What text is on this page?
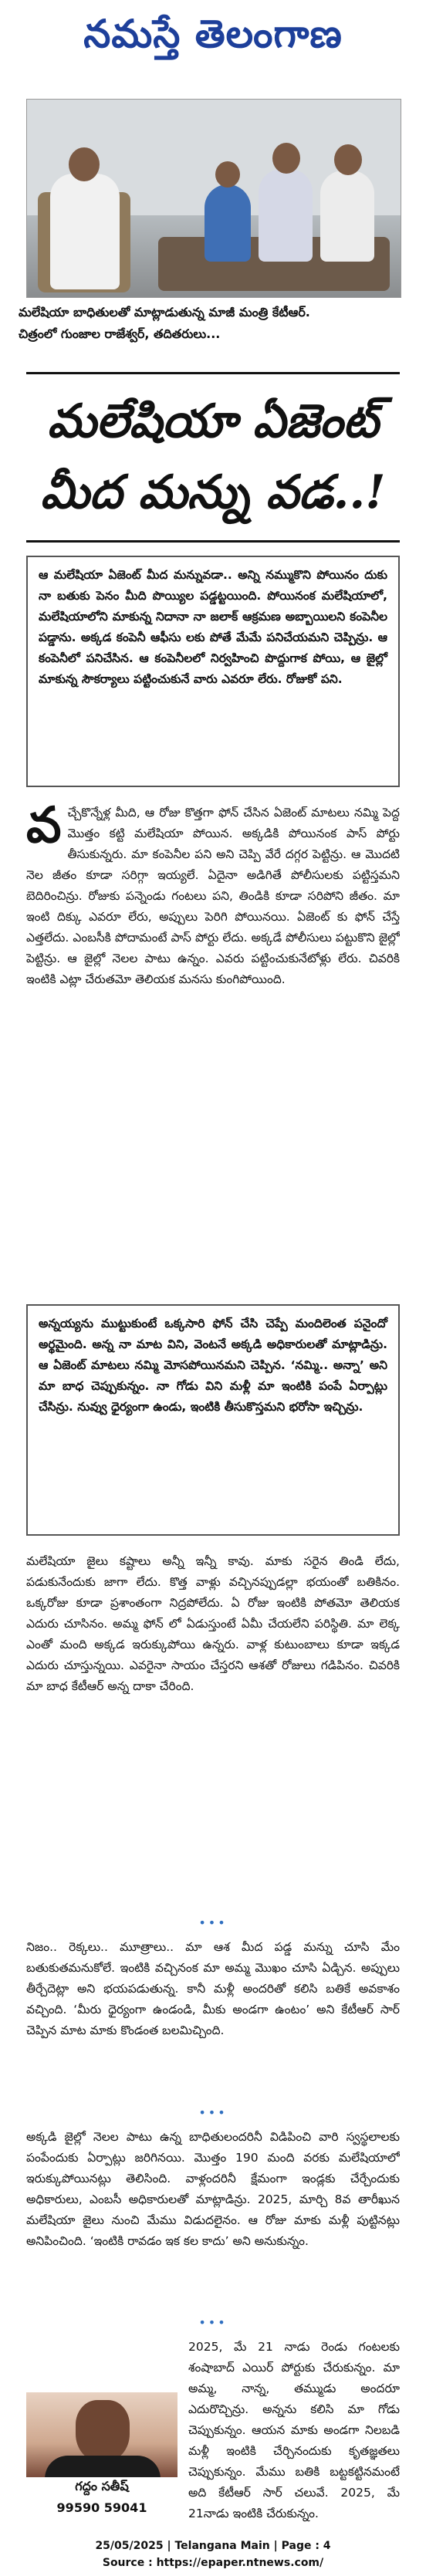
నమస్తే తెలంగాణ
మలేషియా బాధితులతో మాట్లాడుతున్న మాజీ మంత్రి కేటీఆర్.
చిత్రంలో గుంజాల రాజేశ్వర్, తదితరులు...
మలేషియా ఏజెంట్
మీద మన్ను వడ..!
ఆ మలేషియా ఏజెంట్ మీద మన్నువడా.. అన్ని నమ్ముకొని పోయినం దుకు నా బతుకు పెనం మీది పొయ్యిల పడ్డట్టయింది. పోయినంక మలేషియాలో, మలేషియాలోని మాకున్న నిదానా నా జలాక్ ఆక్రమణ అబ్బాయిలని కంపెనీల పడ్డాను. అక్కడ కంపెనీ ఆఫీసు లకు పోతే మేమే పనిచేయమని చెప్పిన్రు. ఆ కంపెనీలో పనిచేసిన. ఆ కంపెనీలలో నిర్వహించి పొద్దుగాక పోయి, ఆ జైల్లో మాకున్న సౌకర్యాలు పట్టించుకునే వారు ఎవరూ లేరు. రోజుకో పని.
వచ్చేకొన్నేళ్ల మీది, ఆ రోజు కొత్తగా ఫోన్ చేసిన ఏజెంట్ మాటలు నమ్మి పెద్ద మొత్తం కట్టి మలేషియా పోయిన. అక్కడికి పోయినంక పాస్ పోర్టు తీసుకున్నరు. మా కంపెనీల పని అని చెప్పి వేరే దగ్గర పెట్టిన్రు. ఆ మొదటి నెల జీతం కూడా సరిగ్గా ఇయ్యలే. ఏదైనా అడిగితే పోలీసులకు పట్టిస్తమని బెదిరించిన్రు. రోజుకు పన్నెండు గంటలు పని, తిండికి కూడా సరిపోని జీతం. మా ఇంటి దిక్కు ఎవరూ లేరు, అప్పులు పెరిగి పోయినయి. ఏజెంట్ కు ఫోన్ చేస్తే ఎత్తలేదు. ఎంబసీకి పోదామంటే పాస్ పోర్టు లేదు. అక్కడే పోలీసులు పట్టుకొని జైల్లో పెట్టిన్రు. ఆ జైల్లో నెలల పాటు ఉన్నం. ఎవరు పట్టించుకునేటోళ్లు లేరు. చివరికి ఇంటికి ఎట్లా చేరుతమో తెలియక మనసు కుంగిపోయింది.
అన్నయ్యను ముట్టుకుంటే ఒక్కసారి ఫోన్ చేసి చెప్పే మందిలెంత పనైందో అర్థమైంది. అన్న నా మాట విని, వెంటనే అక్కడి అధికారులతో మాట్లాడిన్రు. ఆ ఏజెంట్ మాటలు నమ్మి మోసపోయినమని చెప్పిన. ‘నమ్మి.. అన్నా’ అని మా బాధ చెప్పుకున్నం. నా గోడు విని మళ్లీ మా ఇంటికి పంపే ఏర్పాట్లు చేసిన్రు. నువ్వు ధైర్యంగా ఉండు, ఇంటికి తీసుకొస్తమని భరోసా ఇచ్చిన్రు.
మలేషియా జైలు కష్టాలు అన్నీ ఇన్నీ కావు. మాకు సరైన తిండి లేదు, పడుకునేందుకు జాగా లేదు. కొత్త వాళ్లు వచ్చినప్పుడల్లా భయంతో బతికినం. ఒక్కరోజు కూడా ప్రశాంతంగా నిద్రపోలేదు. ఏ రోజు ఇంటికి పోతమో తెలియక ఎదురు చూసినం. అమ్మ ఫోన్ లో ఏడుస్తుంటే ఏమీ చేయలేని పరిస్థితి. మా లెక్క ఎంతో మంది అక్కడ ఇరుక్కుపోయి ఉన్నరు. వాళ్ల కుటుంబాలు కూడా ఇక్కడ ఎదురు చూస్తున్నయి. ఎవరైనా సాయం చేస్తరని ఆశతో రోజులు గడిపినం. చివరికి మా బాధ కేటీఆర్ అన్న దాకా చేరింది.
•••
నిజం.. రెక్కలు.. మూత్రాలు.. మా ఆశ మీద పడ్డ మన్ను చూసి మేం బతుకుతమనుకోలే. ఇంటికి వచ్చినంక మా అమ్మ మొఖం చూసి ఏడ్చిన. అప్పులు తీర్చేదెట్లా అని భయపడుతున్న. కానీ మళ్లీ అందరితో కలిసి బతికే అవకాశం వచ్చింది. ‘మీరు ధైర్యంగా ఉండండి, మీకు అండగా ఉంటం’ అని కేటీఆర్ సార్ చెప్పిన మాట మాకు కొండంత బలమిచ్చింది.
•••
అక్కడి జైల్లో నెలల పాటు ఉన్న బాధితులందరినీ విడిపించి వారి స్వస్థలాలకు పంపేందుకు ఏర్పాట్లు జరిగినయి. మొత్తం 190 మంది వరకు మలేషియాలో ఇరుక్కుపోయినట్లు తెలిసింది. వాళ్లందరినీ క్షేమంగా ఇండ్లకు చేర్చేందుకు అధికారులు, ఎంబసీ అధికారులతో మాట్లాడిన్రు. 2025, మార్చి 8వ తారీఖున మలేషియా జైలు నుంచి మేము విడుదలైనం. ఆ రోజు మాకు మళ్లీ పుట్టినట్లు అనిపించింది. ‘ఇంటికి రావడం ఇక కల కాదు’ అని అనుకున్నం.
•••
2025, మే 21 నాడు రెండు గంటలకు శంషాబాద్ ఎయిర్ పోర్టుకు చేరుకున్నం. మా అమ్మ, నాన్న, తమ్ముడు అందరూ ఎదురొచ్చిన్రు. అన్నను కలిసి మా గోడు చెప్పుకున్నం. ఆయన మాకు అండగా నిలబడి మళ్లీ ఇంటికి చేర్చినందుకు కృతజ్ఞతలు చెప్పుకున్నం. మేము బతికి బట్టకట్టినమంటే అది కేటీఆర్ సార్ చలువే. 2025, మే 21నాడు ఇంటికి చేరుకున్నం.
గద్దం సతీష్
99590 59041
25/05/2025 | Telangana Main | Page : 4
Source : https://epaper.ntnews.com/
